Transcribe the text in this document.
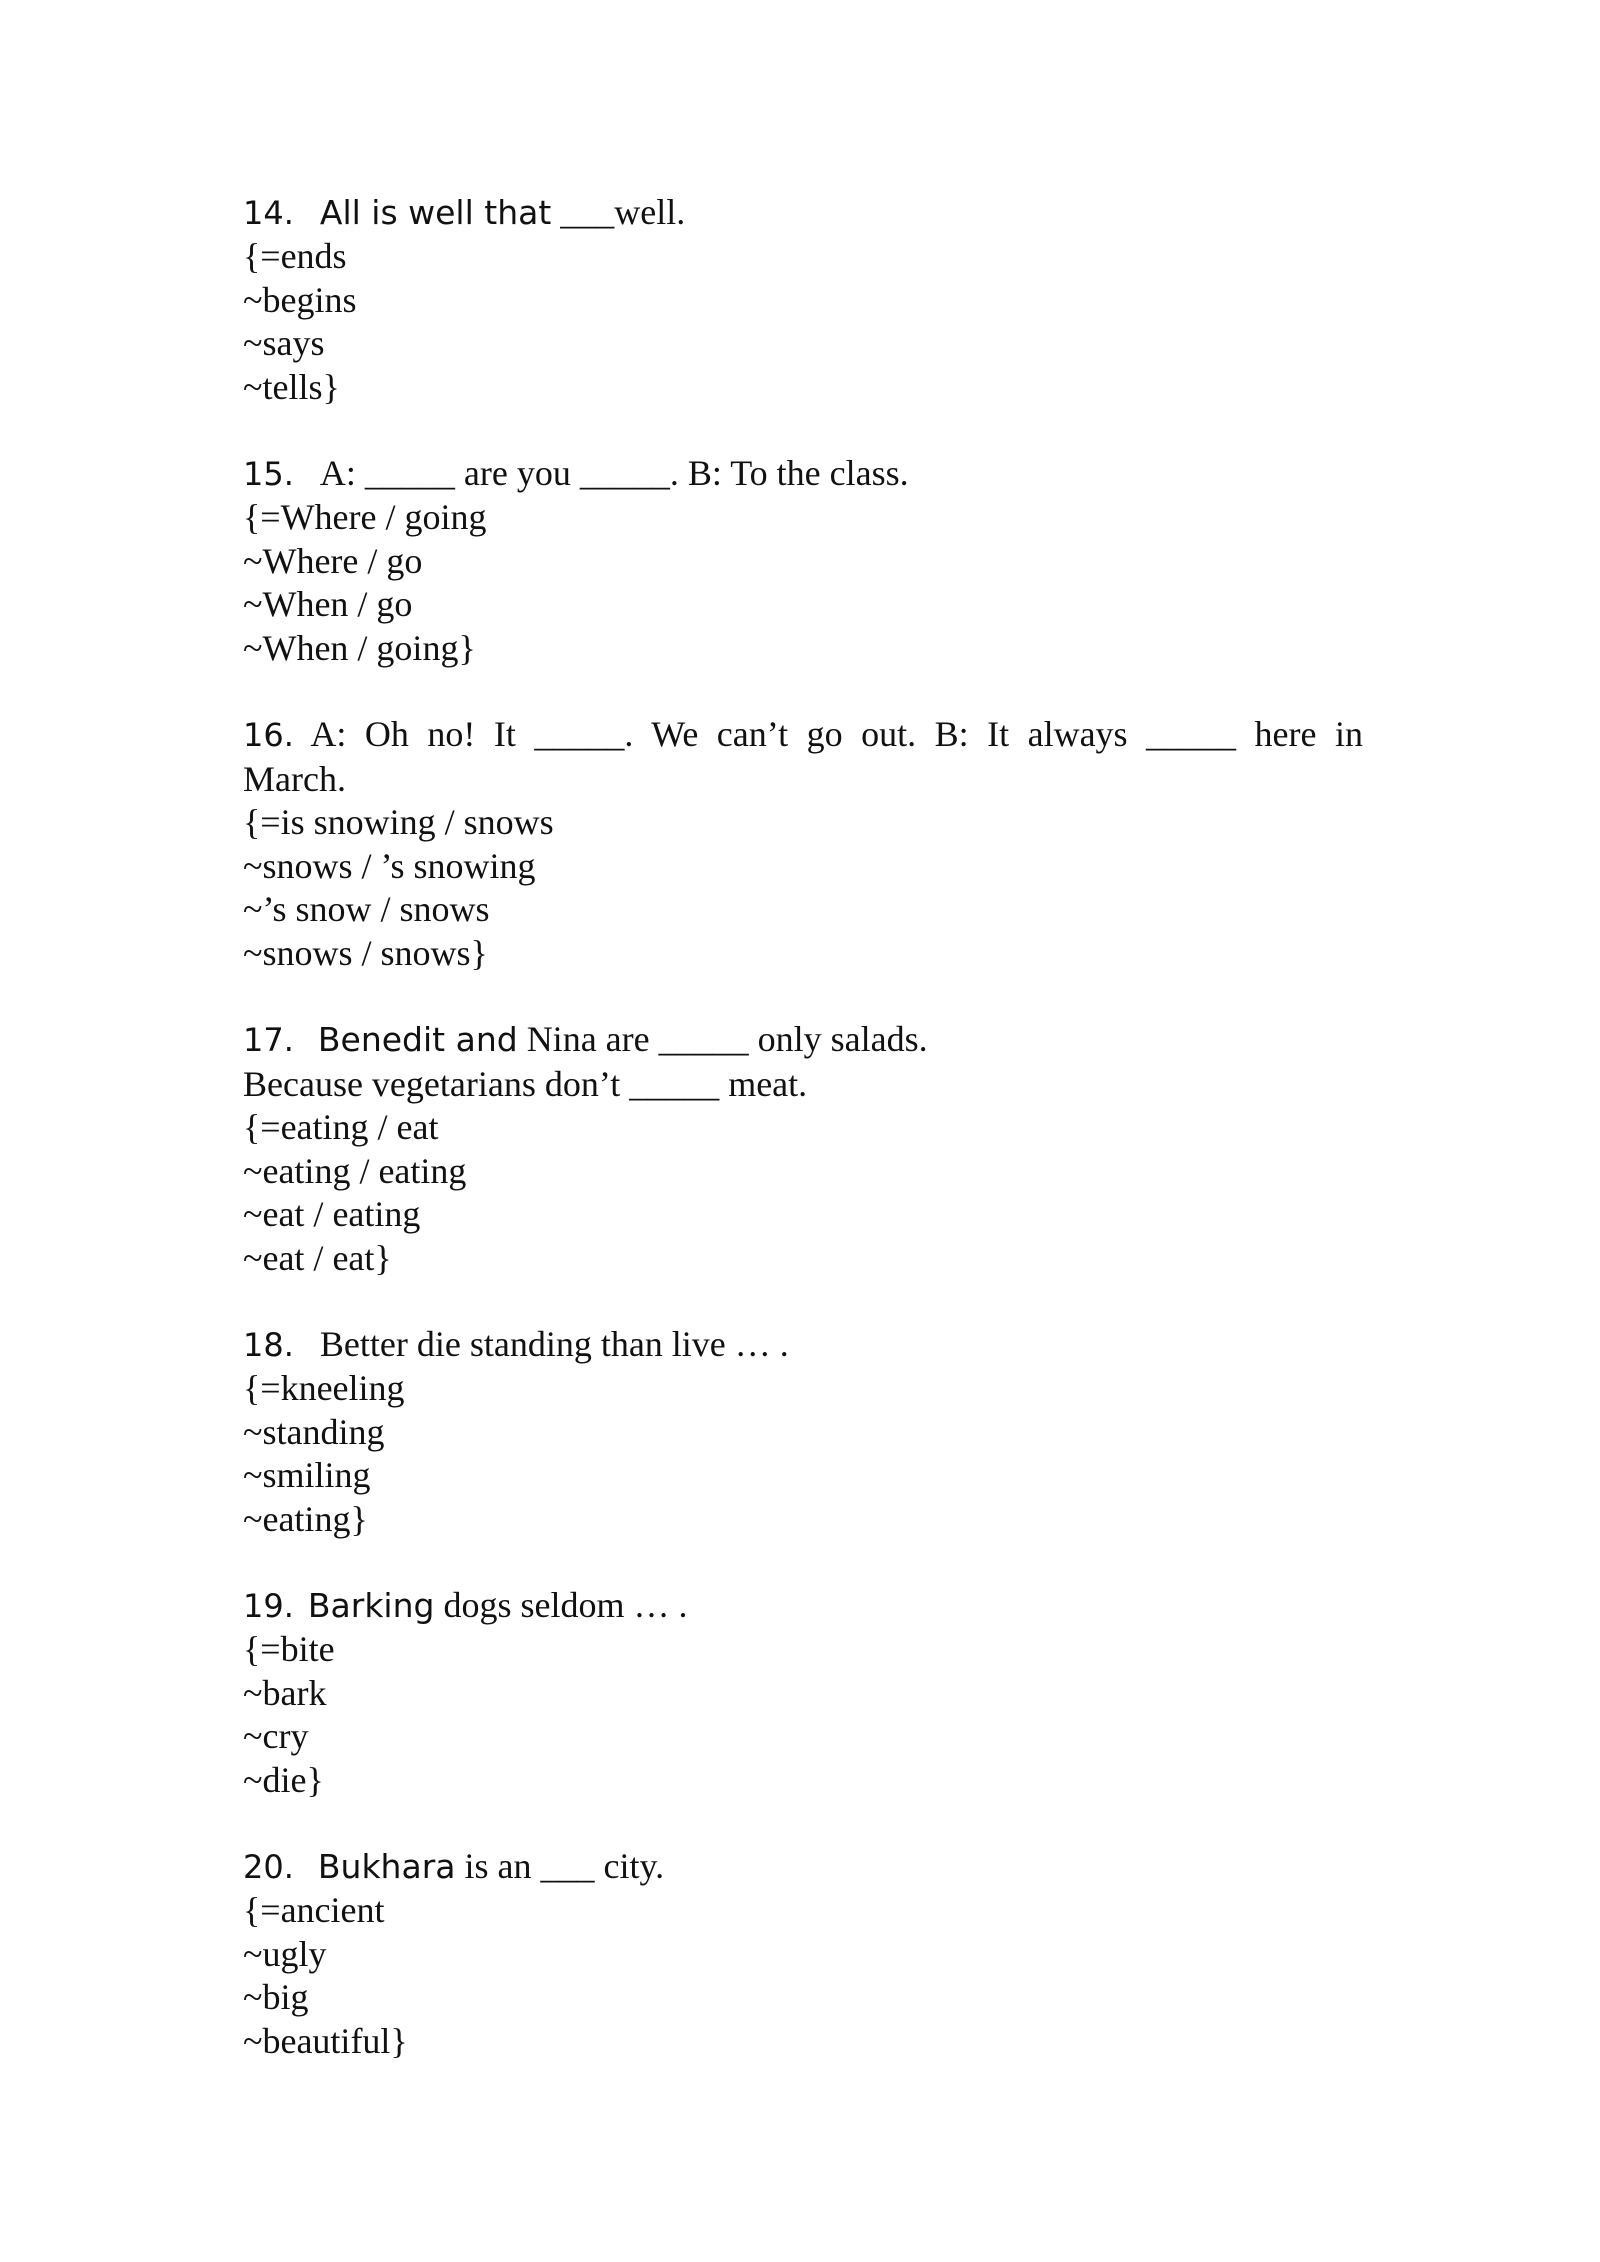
14. All is well that ___well.
{=ends
~begins
~says
~tells}
15. A: _____ are you _____. B: To the class.
{=Where / going
~Where / go
~When / go
~When / going}
16. A: Oh no! It _____. We can’t go out. B: It always _____ here in
March.
{=is snowing / snows
~snows / ’s snowing
~’s snow / snows
~snows / snows}
17. Benedit and Nina are _____ only salads.
Because vegetarians don’t _____ meat.
{=eating / eat
~eating / eating
~eat / eating
~eat / eat}
18. Better die standing than live … .
{=kneeling
~standing
~smiling
~eating}
19. Barking dogs seldom … .
{=bite
~bark
~cry
~die}
20. Bukhara is an ___ city.
{=ancient
~ugly
~big
~beautiful}
